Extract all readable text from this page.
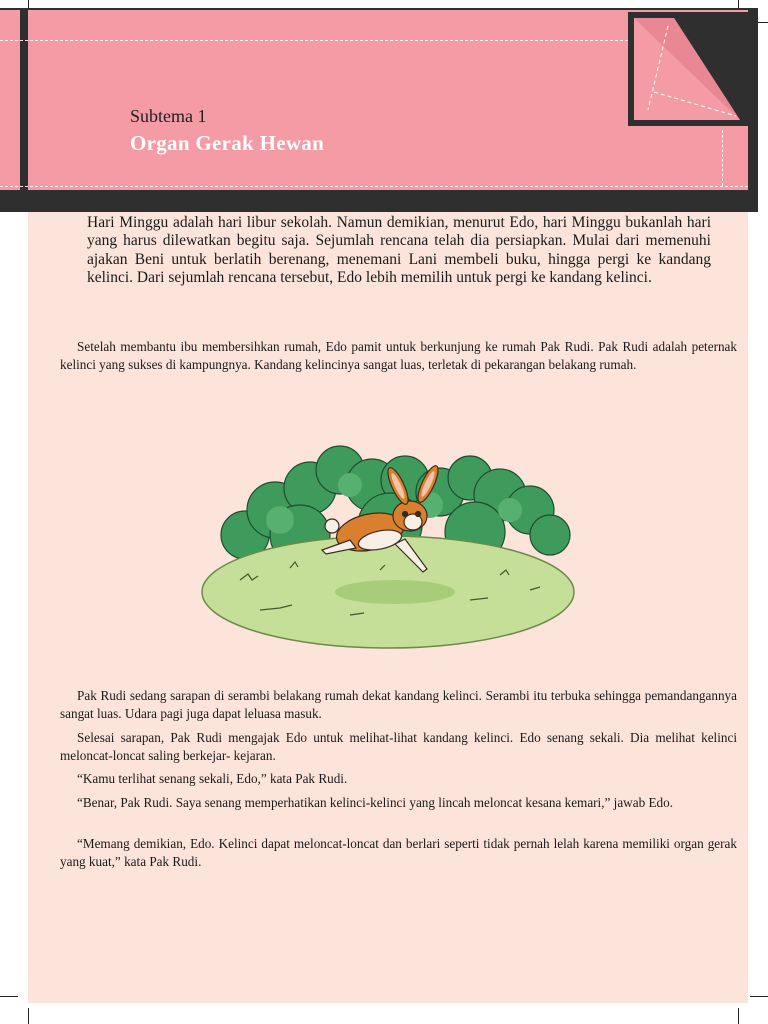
Subtema 1
Organ Gerak Hewan
Hari Minggu adalah hari libur sekolah. Namun demikian, menurut Edo, hari Minggu bukanlah hari yang harus dilewatkan begitu saja. Sejumlah rencana telah dia persiapkan. Mulai dari memenuhi ajakan Beni untuk berlatih berenang, menemani Lani membeli buku, hingga pergi ke kandang kelinci. Dari sejumlah rencana tersebut, Edo lebih memilih untuk pergi ke kandang kelinci.

Setelah membantu ibu membersihkan rumah, Edo pamit untuk berkunjung ke rumah Pak Rudi. Pak Rudi adalah peternak kelinci yang sukses di kampungnya. Kandang kelincinya sangat luas, terletak di pekarangan belakang rumah.

Pak Rudi sedang sarapan di serambi belakang rumah dekat kandang kelinci. Serambi itu terbuka sehingga pemandangannya sangat luas. Udara pagi juga dapat leluasa masuk.

Selesai sarapan, Pak Rudi mengajak Edo untuk melihat-lihat kandang kelinci. Edo senang sekali. Dia melihat kelinci meloncat-loncat saling berkejar- kejaran.

“Kamu terlihat senang sekali, Edo,” kata Pak Rudi.

“Benar, Pak Rudi. Saya senang memperhatikan kelinci-kelinci yang lincah meloncat kesana kemari,” jawab Edo.

“Memang demikian, Edo. Kelinci dapat meloncat-loncat dan berlari seperti tidak pernah lelah karena memiliki organ gerak yang kuat,” kata Pak Rudi.
